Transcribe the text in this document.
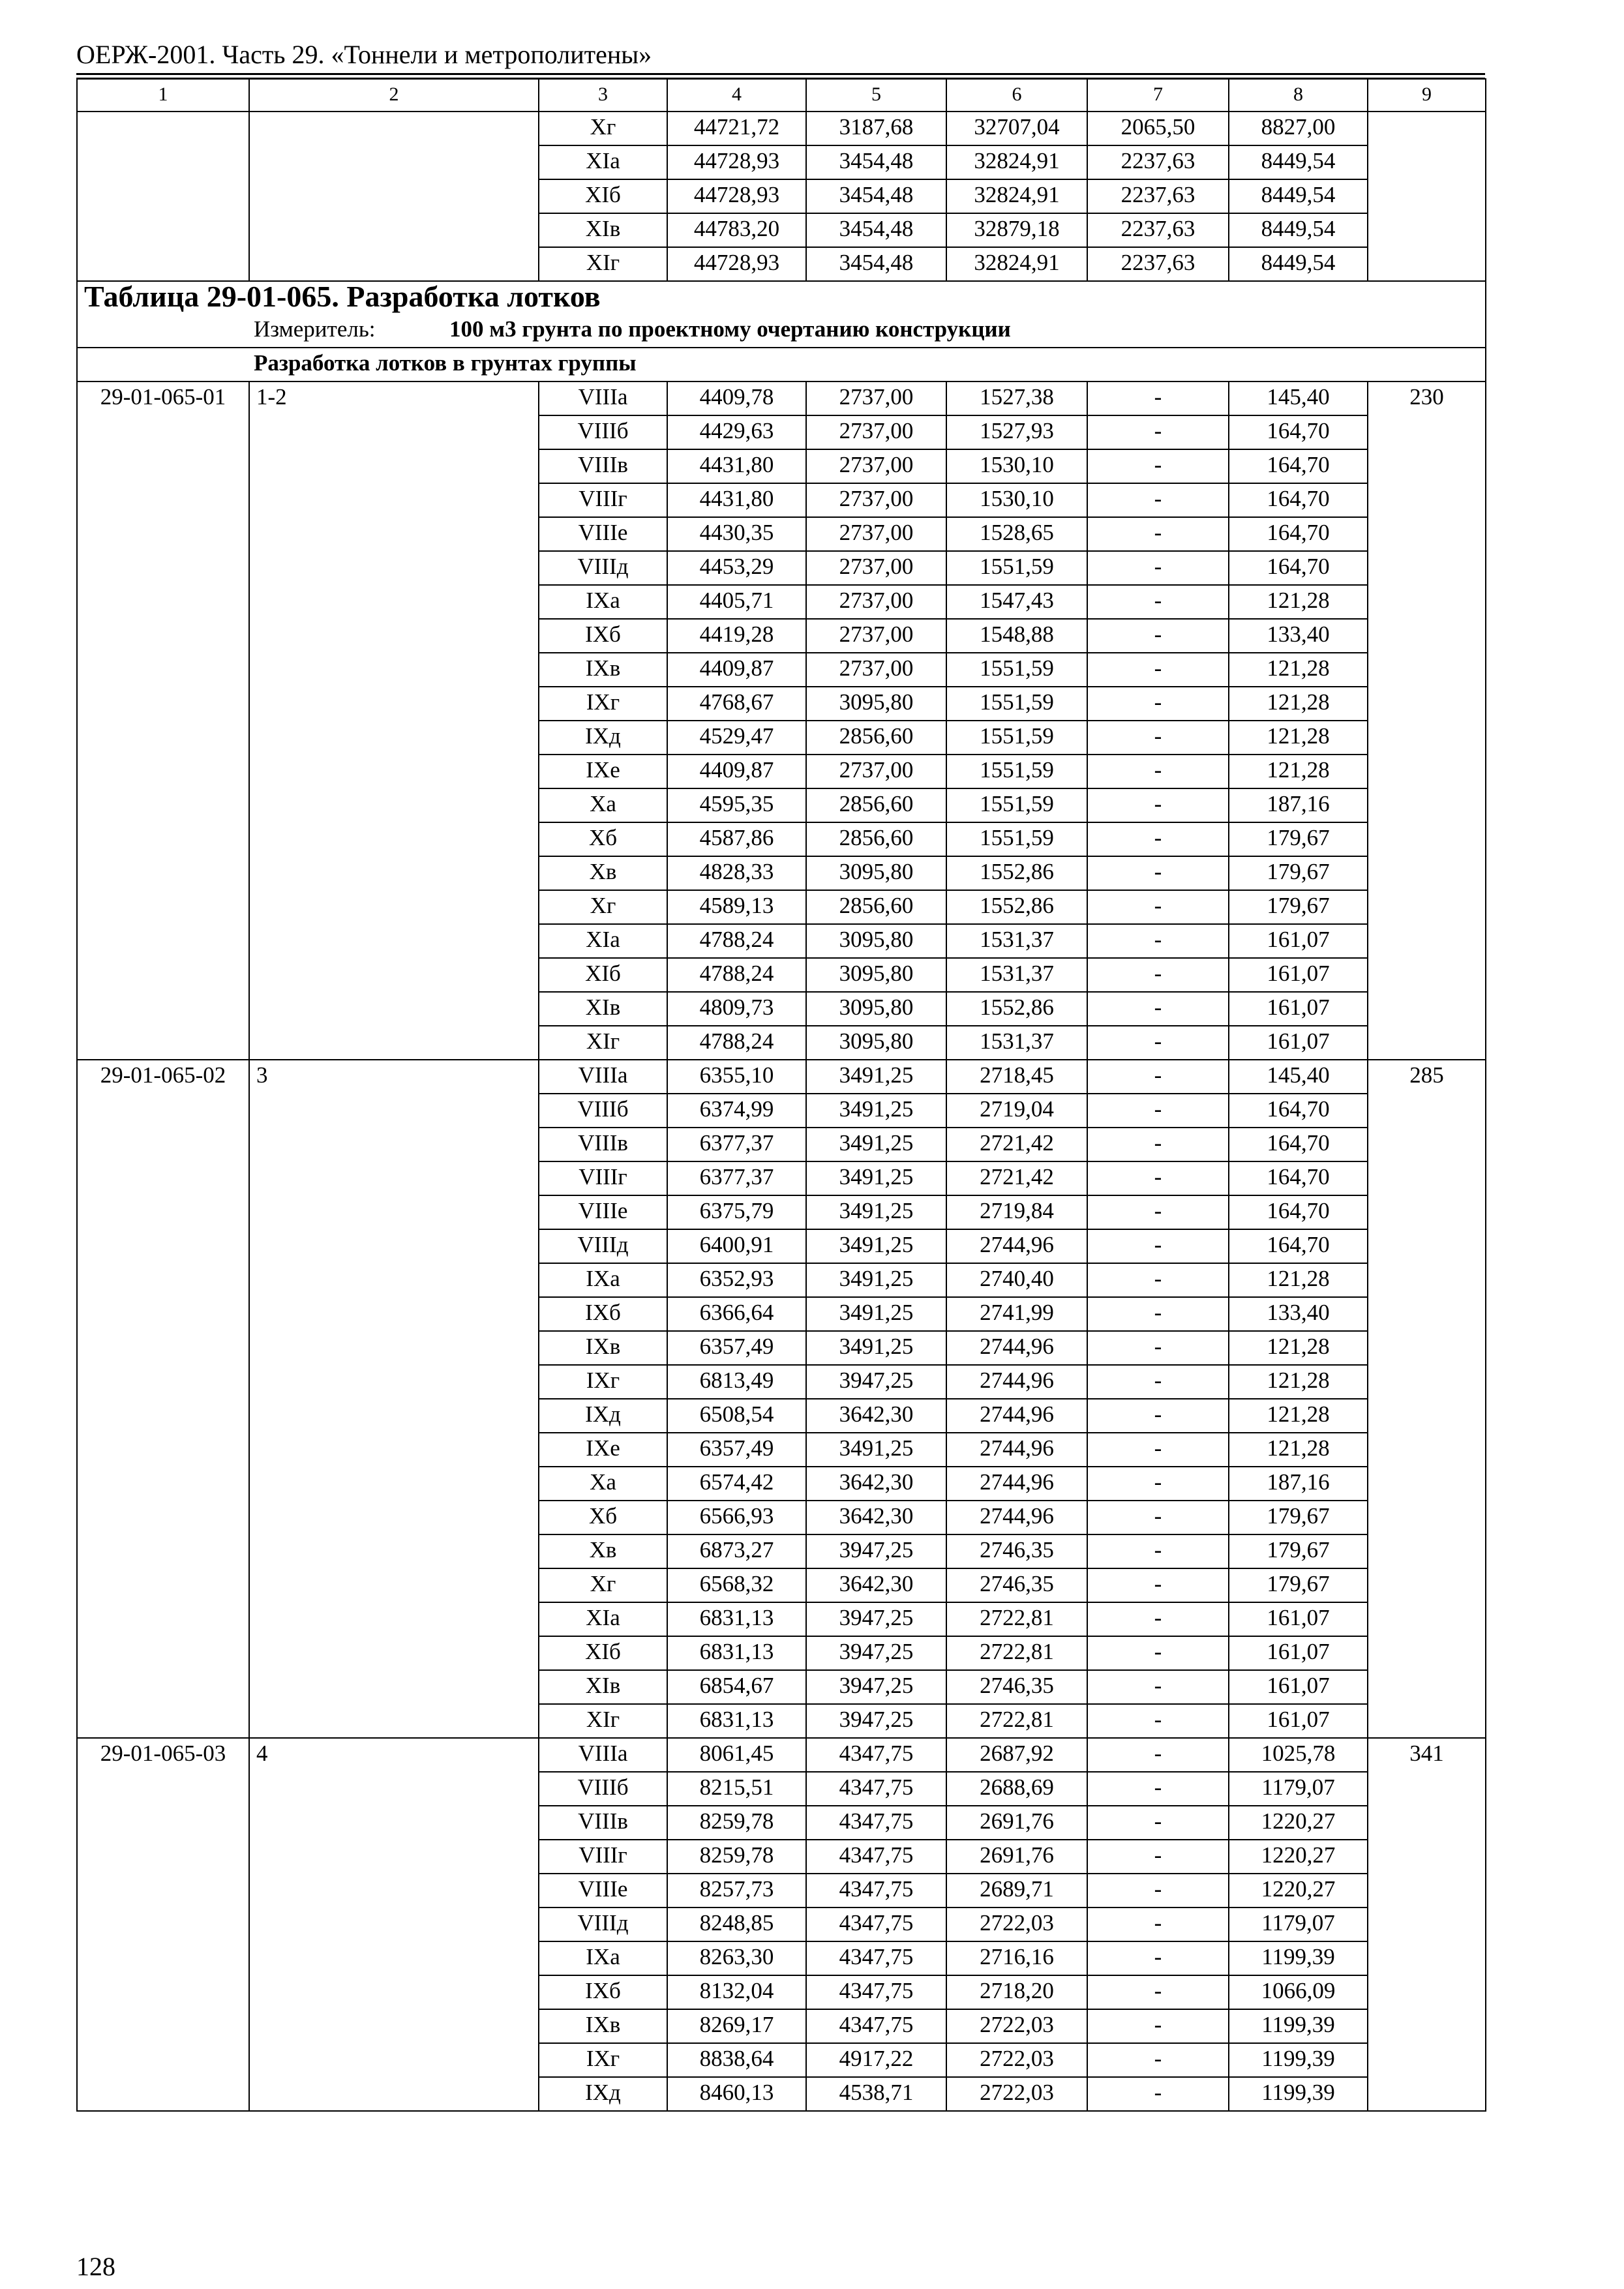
ОЕРЖ-2001. Часть 29. «Тоннели и метрополитены»
1	2	3	4	5	6	7	8	9
		Xг	44721,72	3187,68	32707,04	2065,50	8827,00	
		XIа	44728,93	3454,48	32824,91	2237,63	8449,54	
		XIб	44728,93	3454,48	32824,91	2237,63	8449,54	
		XIв	44783,20	3454,48	32879,18	2237,63	8449,54	
		XIг	44728,93	3454,48	32824,91	2237,63	8449,54	
Таблица 29-01-065. Разработка лотков								
Измеритель: 100 м3 грунта по проектному очертанию конструкции								
Разработка лотков в грунтах группы								
29-01-065-01	1-2	VIIIа	4409,78	2737,00	1527,38	-	145,40	230
		VIIIб	4429,63	2737,00	1527,93	-	164,70	
		VIIIв	4431,80	2737,00	1530,10	-	164,70	
		VIIIг	4431,80	2737,00	1530,10	-	164,70	
		VIIIе	4430,35	2737,00	1528,65	-	164,70	
		VIIIд	4453,29	2737,00	1551,59	-	164,70	
		IXа	4405,71	2737,00	1547,43	-	121,28	
		IXб	4419,28	2737,00	1548,88	-	133,40	
		IXв	4409,87	2737,00	1551,59	-	121,28	
		IXг	4768,67	3095,80	1551,59	-	121,28	
		IXд	4529,47	2856,60	1551,59	-	121,28	
		IXе	4409,87	2737,00	1551,59	-	121,28	
		Xа	4595,35	2856,60	1551,59	-	187,16	
		Xб	4587,86	2856,60	1551,59	-	179,67	
		Xв	4828,33	3095,80	1552,86	-	179,67	
		Xг	4589,13	2856,60	1552,86	-	179,67	
		XIа	4788,24	3095,80	1531,37	-	161,07	
		XIб	4788,24	3095,80	1531,37	-	161,07	
		XIв	4809,73	3095,80	1552,86	-	161,07	
		XIг	4788,24	3095,80	1531,37	-	161,07	
29-01-065-02	3	VIIIа	6355,10	3491,25	2718,45	-	145,40	285
		VIIIб	6374,99	3491,25	2719,04	-	164,70	
		VIIIв	6377,37	3491,25	2721,42	-	164,70	
		VIIIг	6377,37	3491,25	2721,42	-	164,70	
		VIIIе	6375,79	3491,25	2719,84	-	164,70	
		VIIIд	6400,91	3491,25	2744,96	-	164,70	
		IXа	6352,93	3491,25	2740,40	-	121,28	
		IXб	6366,64	3491,25	2741,99	-	133,40	
		IXв	6357,49	3491,25	2744,96	-	121,28	
		IXг	6813,49	3947,25	2744,96	-	121,28	
		IXд	6508,54	3642,30	2744,96	-	121,28	
		IXе	6357,49	3491,25	2744,96	-	121,28	
		Xа	6574,42	3642,30	2744,96	-	187,16	
		Xб	6566,93	3642,30	2744,96	-	179,67	
		Xв	6873,27	3947,25	2746,35	-	179,67	
		Xг	6568,32	3642,30	2746,35	-	179,67	
		XIа	6831,13	3947,25	2722,81	-	161,07	
		XIб	6831,13	3947,25	2722,81	-	161,07	
		XIв	6854,67	3947,25	2746,35	-	161,07	
		XIг	6831,13	3947,25	2722,81	-	161,07	
29-01-065-03	4	VIIIа	8061,45	4347,75	2687,92	-	1025,78	341
		VIIIб	8215,51	4347,75	2688,69	-	1179,07	
		VIIIв	8259,78	4347,75	2691,76	-	1220,27	
		VIIIг	8259,78	4347,75	2691,76	-	1220,27	
		VIIIе	8257,73	4347,75	2689,71	-	1220,27	
		VIIIд	8248,85	4347,75	2722,03	-	1179,07	
		IXа	8263,30	4347,75	2716,16	-	1199,39	
		IXб	8132,04	4347,75	2718,20	-	1066,09	
		IXв	8269,17	4347,75	2722,03	-	1199,39	
		IXг	8838,64	4917,22	2722,03	-	1199,39	
		IXд	8460,13	4538,71	2722,03	-	1199,39	
128
